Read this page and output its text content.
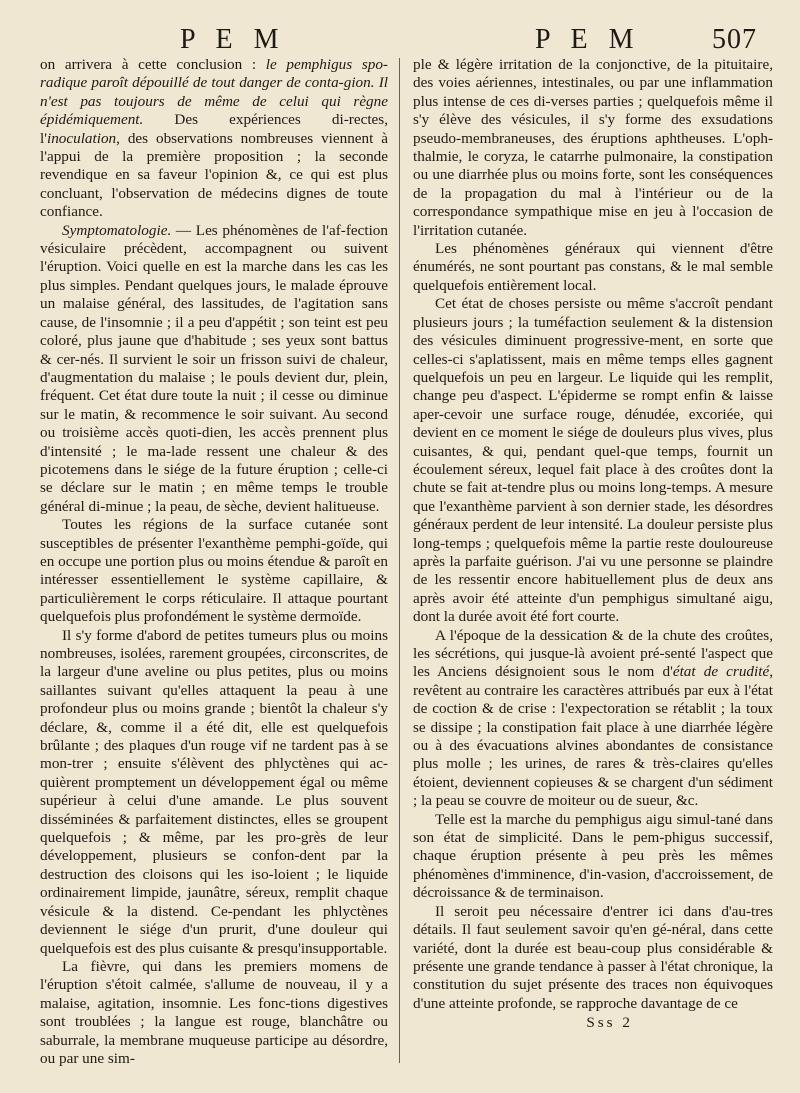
P E M	P E M	507

on arrivera à cette conclusion : le pemphigus spo-radique paroît dépouillé de tout danger de conta-gion. Il n'est pas toujours de même de celui qui règne épidémiquement. Des expériences di-rectes, l'inoculation, des observations nombreuses viennent à l'appui de la première proposition ; la seconde revendique en sa faveur l'opinion &, ce qui est plus concluant, l'observation de médecins dignes de toute confiance.

Symptomatologie. — Les phénomènes de l'af-fection vésiculaire précèdent, accompagnent ou suivent l'éruption. Voici quelle en est la marche dans les cas les plus simples. Pendant quelques jours, le malade éprouve un malaise général, des lassitudes, de l'agitation sans cause, de l'insomnie ; il a peu d'appétit ; son teint est peu coloré, plus jaune que d'habitude ; ses yeux sont battus & cer-nés. Il survient le soir un frisson suivi de chaleur, d'augmentation du malaise ; le pouls devient dur, plein, fréquent. Cet état dure toute la nuit ; il cesse ou diminue sur le matin, & recommence le soir suivant. Au second ou troisième accès quoti-dien, les accès prennent plus d'intensité ; le ma-lade ressent une chaleur & des picotemens dans le siége de la future éruption ; celle-ci se déclare sur le matin ; en même temps le trouble général di-minue ; la peau, de sèche, devient halitueuse.

Toutes les régions de la surface cutanée sont susceptibles de présenter l'exanthème pemphi-goïde, qui en occupe une portion plus ou moins étendue & paroît en intéresser essentiellement le système capillaire, & particulièrement le corps réticulaire. Il attaque pourtant quelquefois plus profondément le système dermoïde.

Il s'y forme d'abord de petites tumeurs plus ou moins nombreuses, isolées, rarement groupées, circonscrites, de la largeur d'une aveline ou plus petites, plus ou moins saillantes suivant qu'elles attaquent la peau à une profondeur plus ou moins grande ; bientôt la chaleur s'y déclare, &, comme il a été dit, elle est quelquefois brûlante ; des plaques d'un rouge vif ne tardent pas à se mon-trer ; ensuite s'élèvent des phlyctènes qui ac-quièrent promptement un développement égal ou même supérieur à celui d'une amande. Le plus souvent disséminées & parfaitement distinctes, elles se groupent quelquefois ; & même, par les pro-grès de leur développement, plusieurs se confon-dent par la destruction des cloisons qui les iso-loient ; le liquide ordinairement limpide, jaunâtre, séreux, remplit chaque vésicule & la distend. Ce-pendant les phlyctènes deviennent le siége d'un prurit, d'une douleur qui quelquefois est des plus cuisante & presqu'insupportable.

La fièvre, qui dans les premiers momens de l'éruption s'étoit calmée, s'allume de nouveau, il y a malaise, agitation, insomnie. Les fonc-tions digestives sont troublées ; la langue est rouge, blanchâtre ou saburrale, la membrane muqueuse participe au désordre, ou par une sim-

ple & légère irritation de la conjonctive, de la pituitaire, des voies aériennes, intestinales, ou par une inflammation plus intense de ces di-verses parties ; quelquefois même il s'y élève des vésicules, il s'y forme des exsudations pseudo-membraneuses, des éruptions aphtheuses. L'oph-thalmie, le coryza, le catarrhe pulmonaire, la constipation ou une diarrhée plus ou moins forte, sont les conséquences de la propagation du mal à l'intérieur ou de la correspondance sympathique mise en jeu à l'occasion de l'irritation cutanée.

Les phénomènes généraux qui viennent d'être énumérés, ne sont pourtant pas constans, & le mal semble quelquefois entièrement local.

Cet état de choses persiste ou même s'accroît pendant plusieurs jours ; la tuméfaction seulement & la distension des vésicules diminuent progressive-ment, en sorte que celles-ci s'aplatissent, mais en même temps elles gagnent quelquefois un peu en largeur. Le liquide qui les remplit, change peu d'aspect. L'épiderme se rompt enfin & laisse aper-cevoir une surface rouge, dénudée, excoriée, qui devient en ce moment le siége de douleurs plus vives, plus cuisantes, & qui, pendant quel-que temps, fournit un écoulement séreux, lequel fait place à des croûtes dont la chute se fait at-tendre plus ou moins long-temps. A mesure que l'exanthème parvient à son dernier stade, les désordres généraux perdent de leur intensité. La douleur persiste plus long-temps ; quelquefois même la partie reste douloureuse après la parfaite guérison. J'ai vu une personne se plaindre de les ressentir encore habituellement plus de deux ans après avoir été atteinte d'un pemphigus simultané aigu, dont la durée avoit été fort courte.

A l'époque de la dessication & de la chute des croûtes, les sécrétions, qui jusque-là avoient pré-senté l'aspect que les Anciens désignoient sous le nom d'état de crudité, revêtent au contraire les caractères attribués par eux à l'état de coction & de crise : l'expectoration se rétablit ; la toux se dissipe ; la constipation fait place à une diarrhée légère ou à des évacuations alvines abondantes de consistance plus molle ; les urines, de rares & très-claires qu'elles étoient, deviennent copieuses & se chargent d'un sédiment ; la peau se couvre de moiteur ou de sueur, &c.

Telle est la marche du pemphigus aigu simul-tané dans son état de simplicité. Dans le pem-phigus successif, chaque éruption présente à peu près les mêmes phénomènes d'imminence, d'in-vasion, d'accroissement, de décroissance & de terminaison.

Il seroit peu nécessaire d'entrer ici dans d'au-tres détails. Il faut seulement savoir qu'en gé-néral, dans cette variété, dont la durée est beau-coup plus considérable & présente une grande tendance à passer à l'état chronique, la constitution du sujet présente des traces non équivoques d'une atteinte profonde, se rapproche davantage de ce

Sss 2
